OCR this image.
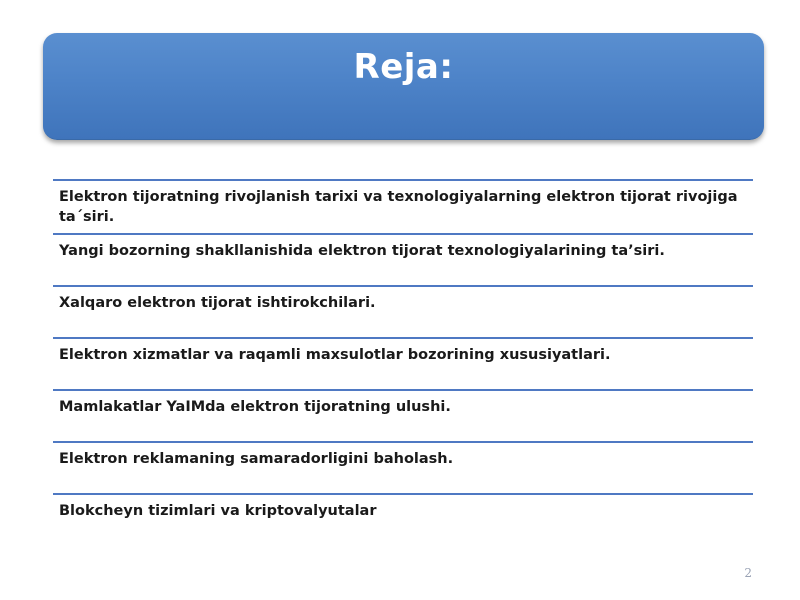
Reja:
Elektron tijoratning rivojlanish tarixi va texnologiyalarning elektron tijorat rivojiga ta´siri.
Yangi bozorning shakllanishida elektron tijorat texnologiyalarining ta’siri.
Xalqaro elektron tijorat ishtirokchilari.
Elektron xizmatlar va raqamli maxsulotlar bozorining xususiyatlari.
Mamlakatlar YaIMda elektron tijoratning ulushi.
Elektron reklamaning samaradorligini baholash.
Blokcheyn tizimlari va kriptovalyutalar
2
